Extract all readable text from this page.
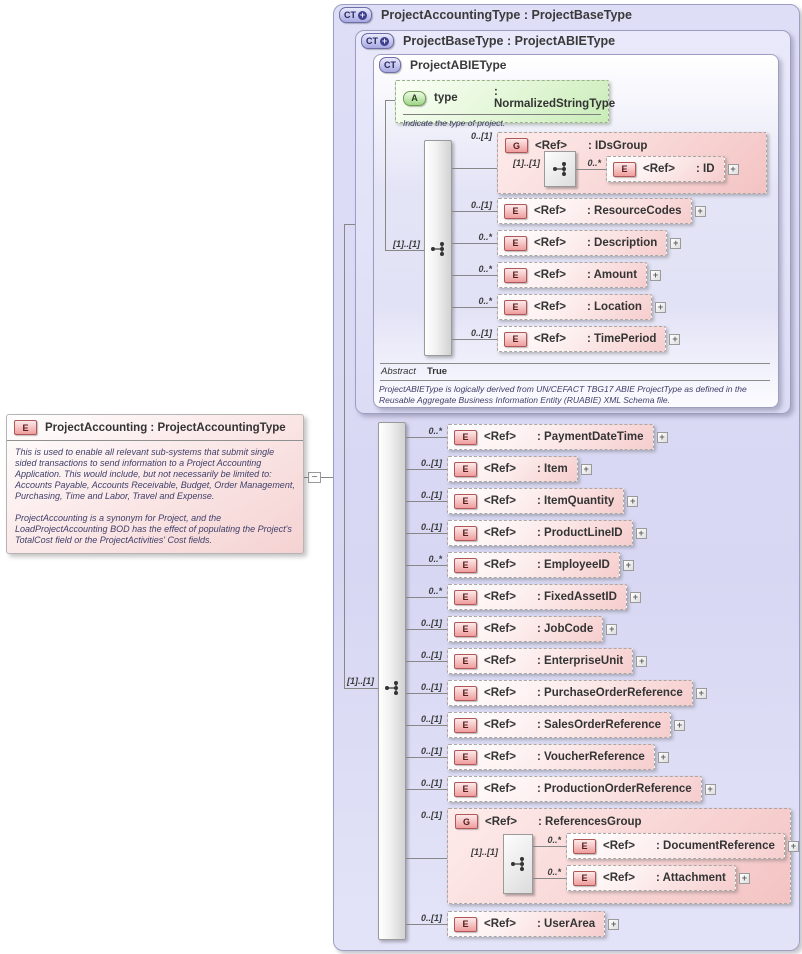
CT + ProjectAccountingType : ProjectBaseType
CT + ProjectBaseType : ProjectABIEType
CT ProjectABIEType
−
A	type	: NormalizedStringType
Indicate the type of project.
[1]..[1]
0..[1]
G	<Ref>	: IDsGroup
[1]..[1]	0..*
E	<Ref>	: ID
+
Abstract True
ProjectABIEType is logically derived from UN/CEFACT TBG17 ABIE ProjectType as defined in the Reusable Aggregate Business Information Entity (RUABIE) XML Schema file.
[1]..[1]
0..[1]
G	<Ref>	: ReferencesGroup
[1]..[1]
0..*
E	<Ref>	: DocumentReference
+
0..*
E	<Ref>	: Attachment
+
E	ProjectAccounting : ProjectAccountingType

This is used to enable all relevant sub-systems that submit single sided transactions to send information to a Project Accounting Application. This would include, but not necessarily be limited to: Accounts Payable, Accounts Receivable, Budget, Order Management, Purchasing, Time and Labor, Travel and Expense.

ProjectAccounting is a synonym for Project, and the LoadProjectAccounting BOD has the effect of populating the Project's TotalCost field or the ProjectActivities' Cost fields.

0..[1]
E	<Ref>	: ResourceCodes
+
0..*
E	<Ref>	: Description
+
0..*
E	<Ref>	: Amount
+
0..*
E	<Ref>	: Location
+
0..[1]
E	<Ref>	: TimePeriod
+
0..*
E	<Ref>	: PaymentDateTime
+
0..[1]
E	<Ref>	: Item
+
0..[1]
E	<Ref>	: ItemQuantity
+
0..[1]
E	<Ref>	: ProductLineID
+
0..*
E	<Ref>	: EmployeeID
+
0..*
E	<Ref>	: FixedAssetID
+
0..[1]
E	<Ref>	: JobCode
+
0..[1]
E	<Ref>	: EnterpriseUnit
+
0..[1]
E	<Ref>	: PurchaseOrderReference
+
0..[1]
E	<Ref>	: SalesOrderReference
+
0..[1]
E	<Ref>	: VoucherReference
+
0..[1]
E	<Ref>	: ProductionOrderReference
+
0..[1]
E	<Ref>	: UserArea
+
